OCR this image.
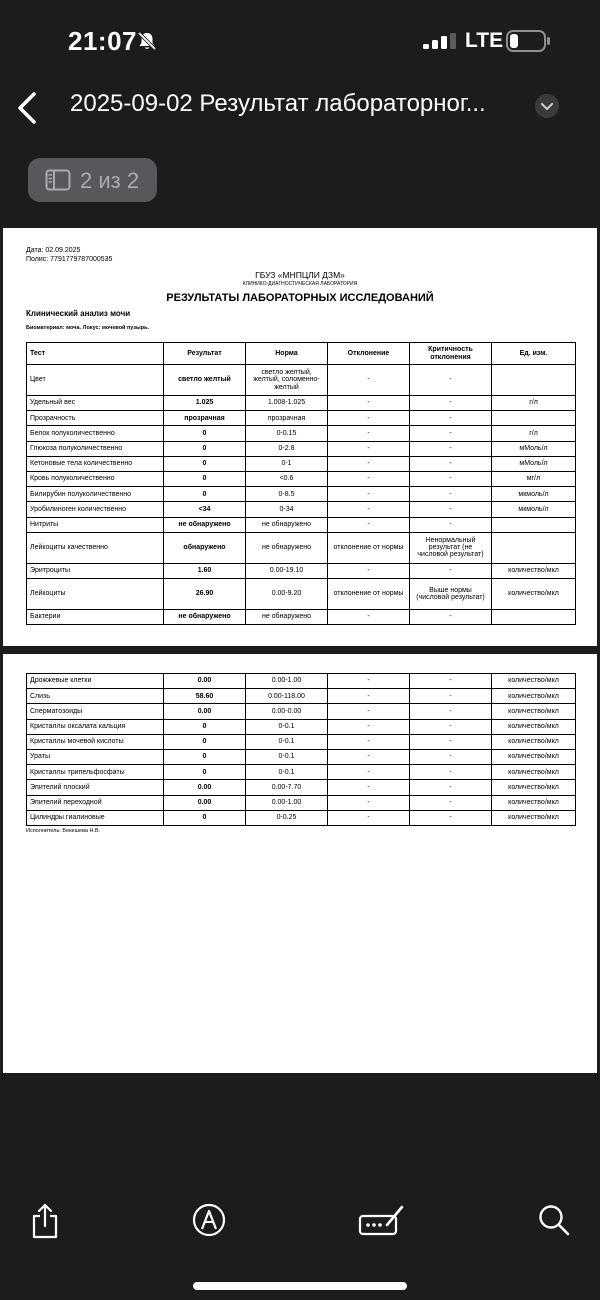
21:07	LTE
2025-09-02 Результат лабораторног...
2 из 2
Дата: 02.09.2025
Полис: 7791779787000535
ГБУЗ «МНПЦЛИ ДЗМ»
КЛИНИКО-ДИАГНОСТИЧЕСКАЯ ЛАБОРАТОРИЯ
РЕЗУЛЬТАТЫ ЛАБОРАТОРНЫХ ИССЛЕДОВАНИЙ
Клинический анализ мочи
Биоматериал: моча. Локус: мочевой пузырь.
Тест	Результат	Норма	Отклонение	Критичность отклонения	Ед. изм.
Цвет	светло желтый	светло желтый, желтый, соломенно-желтый	-	-	
Удельный вес	1.025	1.008-1.025	-	-	г/л
Прозрачность	прозрачная	прозрачная	-	-	
Белок полуколичественно	0	0-0.15	-	-	г/л
Глюкоза полуколичественно	0	0-2.8	-	-	мМоль/л
Кетоновые тела количественно	0	0-1	-	-	мМоль/л
Кровь полуколичественно	0	<0.6	-	-	мг/л
Билирубин полуколичественно	0	0-8.5	-	-	мкмоль/л
Уробилиноген количественно	<34	0-34	-	-	мкмоль/л
Нитриты	не обнаружено	не обнаружено	-	-	
Лейкоциты качественно	обнаружено	не обнаружено	отклонение от нормы	Ненормальный результат (не числовой результат)	
Эритроциты	1.60	0.00-19.10	-	-	количество/мкл
Лейкоциты	26.90	0.00-9.20	отклонение от нормы	Выше нормы (числовой результат)	количество/мкл
Бактерии	не обнаружено	не обнаружено	-	-	
Дрожжевые клетки	0.00	0.00-1.00	-	-	количество/мкл
Слизь	58.60	0.00-118.00	-	-	количество/мкл
Сперматозоиды	0.00	0.00-0.00	-	-	количество/мкл
Кристаллы оксалата кальция	0	0-0.1	-	-	количество/мкл
Кристаллы мочевой кислоты	0	0-0.1	-	-	количество/мкл
Ураты	0	0-0.1	-	-	количество/мкл
Кристаллы трипельфосфаты	0	0-0.1	-	-	количество/мкл
Эпителий плоский	0.00	0.00-7.70	-	-	количество/мкл
Эпителий переходной	0.00	0.00-1.00	-	-	количество/мкл
Цилиндры гиалиновые	0	0-0.25	-	-	количество/мкл
Исполнитель: Бекешева Н.В.
